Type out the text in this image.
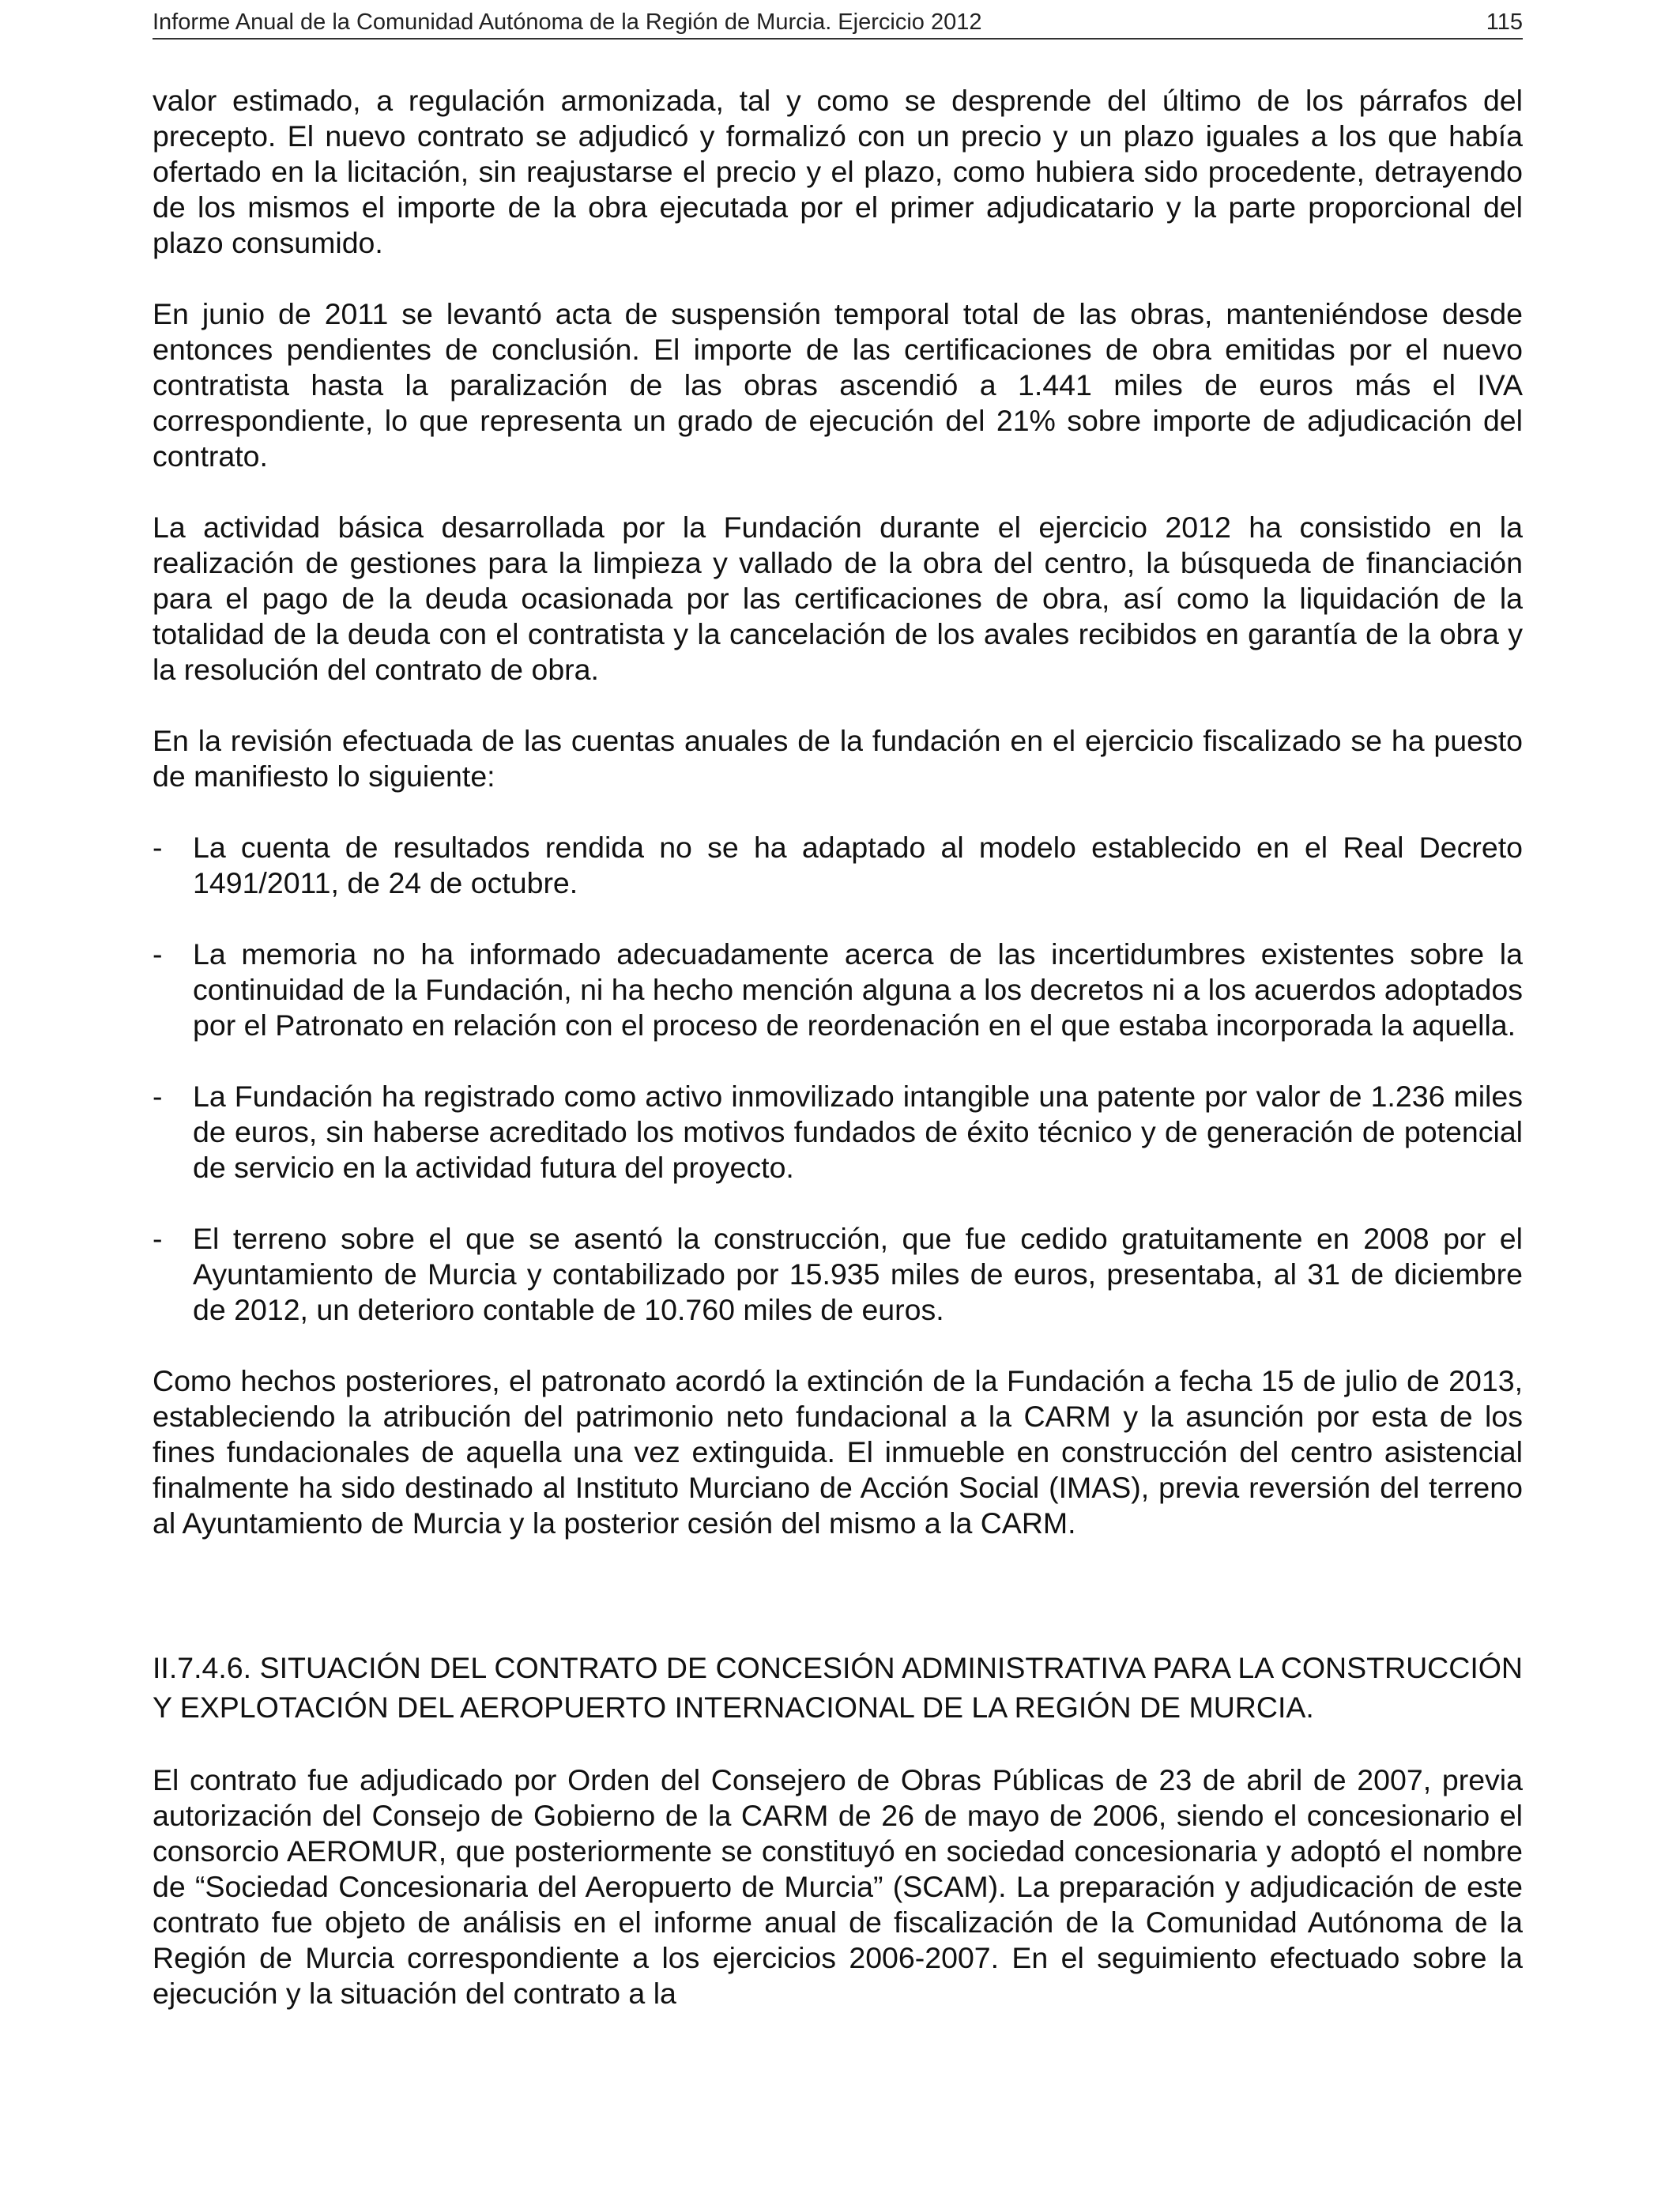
Informe Anual de la Comunidad Autónoma de la Región de Murcia. Ejercicio 2012	115

valor estimado, a regulación armonizada, tal y como se desprende del último de los párrafos del precepto. El nuevo contrato se adjudicó y formalizó con un precio y un plazo iguales a los que había ofertado en la licitación, sin reajustarse el precio y el plazo, como hubiera sido procedente, detrayendo de los mismos el importe de la obra ejecutada por el primer adjudicatario y la parte proporcional del plazo consumido.

En junio de 2011 se levantó acta de suspensión temporal total de las obras, manteniéndose desde entonces pendientes de conclusión. El importe de las certificaciones de obra emitidas por el nuevo contratista hasta la paralización de las obras ascendió a 1.441 miles de euros más el IVA correspondiente, lo que representa un grado de ejecución del 21% sobre importe de adjudicación del contrato.

La actividad básica desarrollada por la Fundación durante el ejercicio 2012 ha consistido en la realización de gestiones para la limpieza y vallado de la obra del centro, la búsqueda de financiación para el pago de la deuda ocasionada por las certificaciones de obra, así como la liquidación de la totalidad de la deuda con el contratista y la cancelación de los avales recibidos en garantía de la obra y la resolución del contrato de obra.

En la revisión efectuada de las cuentas anuales de la fundación en el ejercicio fiscalizado se ha puesto de manifiesto lo siguiente:

- La cuenta de resultados rendida no se ha adaptado al modelo establecido en el Real Decreto 1491/2011, de 24 de octubre.
- La memoria no ha informado adecuadamente acerca de las incertidumbres existentes sobre la continuidad de la Fundación, ni ha hecho mención alguna a los decretos ni a los acuerdos adoptados por el Patronato en relación con el proceso de reordenación en el que estaba incorporada la aquella.
- La Fundación ha registrado como activo inmovilizado intangible una patente por valor de 1.236 miles de euros, sin haberse acreditado los motivos fundados de éxito técnico y de generación de potencial de servicio en la actividad futura del proyecto.
- El terreno sobre el que se asentó la construcción, que fue cedido gratuitamente en 2008 por el Ayuntamiento de Murcia y contabilizado por 15.935 miles de euros, presentaba, al 31 de diciembre de 2012, un deterioro contable de 10.760 miles de euros.

Como hechos posteriores, el patronato acordó la extinción de la Fundación a fecha 15 de julio de 2013, estableciendo la atribución del patrimonio neto fundacional a la CARM y la asunción por esta de los fines fundacionales de aquella una vez extinguida. El inmueble en construcción del centro asistencial finalmente ha sido destinado al Instituto Murciano de Acción Social (IMAS), previa reversión del terreno al Ayuntamiento de Murcia y la posterior cesión del mismo a la CARM.

II.7.4.6. SITUACIÓN DEL CONTRATO DE CONCESIÓN ADMINISTRATIVA PARA LA CONSTRUCCIÓN Y EXPLOTACIÓN DEL AEROPUERTO INTERNACIONAL DE LA REGIÓN DE MURCIA.

El contrato fue adjudicado por Orden del Consejero de Obras Públicas de 23 de abril de 2007, previa autorización del Consejo de Gobierno de la CARM de 26 de mayo de 2006, siendo el concesionario el consorcio AEROMUR, que posteriormente se constituyó en sociedad concesionaria y adoptó el nombre de “Sociedad Concesionaria del Aeropuerto de Murcia” (SCAM). La preparación y adjudicación de este contrato fue objeto de análisis en el informe anual de fiscalización de la Comunidad Autónoma de la Región de Murcia correspondiente a los ejercicios 2006-2007. En el seguimiento efectuado sobre la ejecución y la situación del contrato a la
